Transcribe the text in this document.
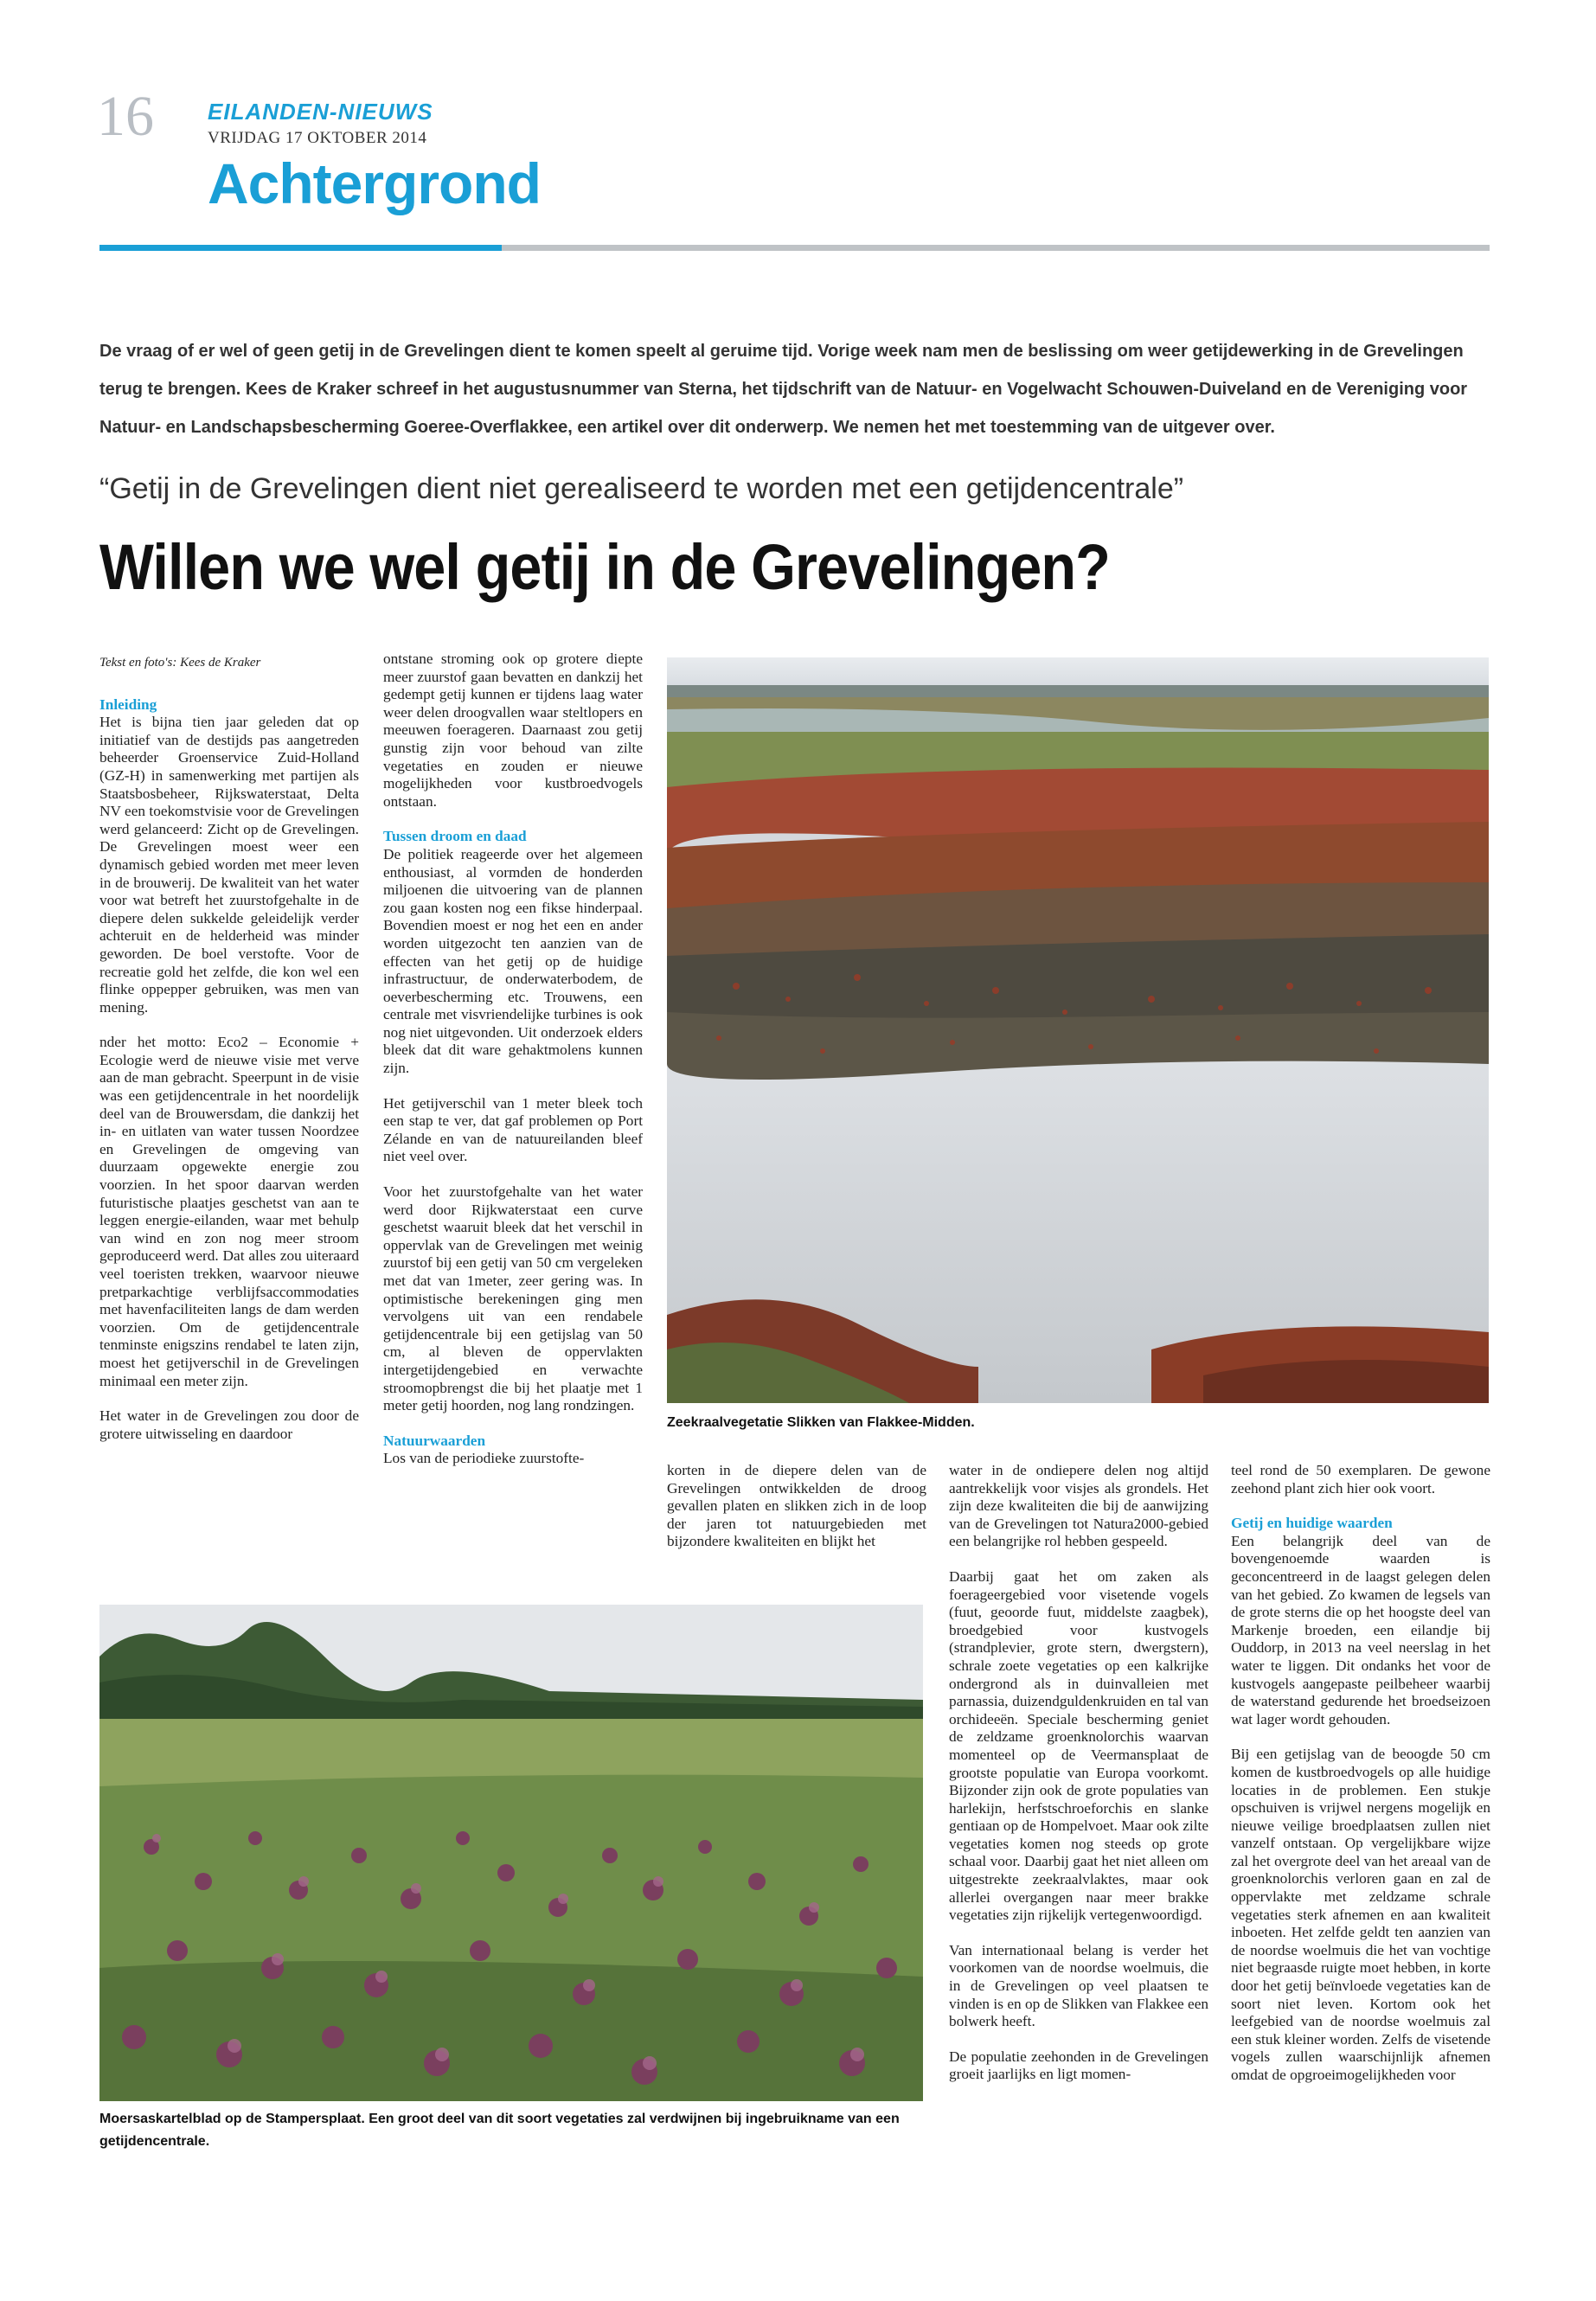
16 EILANDEN-NIEUWS
VRIJDAG 17 OKTOBER 2014
Achtergrond
De vraag of er wel of geen getij in de Grevelingen dient te komen speelt al geruime tijd. Vorige week nam men de beslissing om weer getijdewerking in de Grevelingen terug te brengen. Kees de Kraker schreef in het augustusnummer van Sterna, het tijdschrift van de Natuur- en Vogelwacht Schouwen-Duiveland en de Vereniging voor Natuur- en Landschapsbescherming Goeree-Overflakkee, een artikel over dit onderwerp. We nemen het met toestemming van de uitgever over.
“Getij in de Grevelingen dient niet gerealiseerd te worden met een getijdencentrale”
Willen we wel getij in de Grevelingen?
Tekst en foto's: Kees de Kraker
Inleiding

Het is bijna tien jaar geleden dat op initiatief van de destijds pas aangetreden beheerder Groenservice Zuid-Holland (GZ-H) in samenwerking met partijen als Staatsbosbeheer, Rijkswaterstaat, Delta NV een toekomstvisie voor de Grevelingen werd gelanceerd: Zicht op de Grevelingen. De Grevelingen moest weer een dynamisch gebied worden met meer leven in de brouwerij. De kwaliteit van het water voor wat betreft het zuurstofgehalte in de diepere delen sukkelde geleidelijk verder achteruit en de helderheid was minder geworden. De boel verstofte. Voor de recreatie gold het zelfde, die kon wel een flinke oppepper gebruiken, was men van mening.

nder het motto: Eco2 – Economie + Ecologie werd de nieuwe visie met verve aan de man gebracht. Speerpunt in de visie was een getijdencentrale in het noordelijk deel van de Brouwersdam, die dankzij het in- en uitlaten van water tussen Noordzee en Grevelingen de omgeving van duurzaam opgewekte energie zou voorzien. In het spoor daarvan werden futuristische plaatjes geschetst van aan te leggen energie-eilanden, waar met behulp van wind en zon nog meer stroom geproduceerd werd. Dat alles zou uiteraard veel toeristen trekken, waarvoor nieuwe pretparkachtige verblijfsaccommodaties met havenfaciliteiten langs de dam werden voorzien. Om de getijdencentrale tenminste enigszins rendabel te laten zijn, moest het getijverschil in de Grevelingen minimaal een meter zijn.

Het water in de Grevelingen zou door de grotere uitwisseling en daardoor

ontstane stroming ook op grotere diepte meer zuurstof gaan bevatten en dankzij het gedempt getij kunnen er tijdens laag water weer delen droogvallen waar steltlopers en meeuwen foerageren. Daarnaast zou getij gunstig zijn voor behoud van zilte vegetaties en zouden er nieuwe mogelijkheden voor kustbroedvogels ontstaan.

Tussen droom en daad

De politiek reageerde over het algemeen enthousiast, al vormden de honderden miljoenen die uitvoering van de plannen zou gaan kosten nog een fikse hinderpaal. Bovendien moest er nog het een en ander worden uitgezocht ten aanzien van de effecten van het getij op de huidige infrastructuur, de onderwaterbodem, de oeverbescherming etc. Trouwens, een centrale met visvriendelijke turbines is ook nog niet uitgevonden. Uit onderzoek elders bleek dat dit ware gehaktmolens kunnen zijn.

Het getijverschil van 1 meter bleek toch een stap te ver, dat gaf problemen op Port Zélande en van de natuureilanden bleef niet veel over.

Voor het zuurstofgehalte van het water werd door Rijkwaterstaat een curve geschetst waaruit bleek dat het verschil in oppervlak van de Grevelingen met weinig zuurstof bij een getij van 50 cm vergeleken met dat van 1meter, zeer gering was. In optimistische berekeningen ging men vervolgens uit van een rendabele getijdencentrale bij een getijslag van 50 cm, al bleven de oppervlakten intergetijdengebied en verwachte stroomopbrengst die bij het plaatje met 1 meter getij hoorden, nog lang rondzingen.

Natuurwaarden

Los van de periodieke zuurstofte-

Zeekraalvegetatie Slikken van Flakkee-Midden.

korten in de diepere delen van de Grevelingen ontwikkelden de droog gevallen platen en slikken zich in de loop der jaren tot natuurgebieden met bijzondere kwaliteiten en blijkt het

water in de ondiepere delen nog altijd aantrekkelijk voor visjes als grondels. Het zijn deze kwaliteiten die bij de aanwijzing van de Grevelingen tot Natura2000-gebied een belangrijke rol hebben gespeeld.

Daarbij gaat het om zaken als foerageergebied voor visetende vogels (fuut, geoorde fuut, middelste zaagbek), broedgebied voor kustvogels (strandplevier, grote stern, dwergstern), schrale zoete vegetaties op een kalkrijke ondergrond als in duinvalleien met parnassia, duizendguldenkruiden en tal van orchideeën. Speciale bescherming geniet de zeldzame groenknolorchis waarvan momenteel op de Veermansplaat de grootste populatie van Europa voorkomt. Bijzonder zijn ook de grote populaties van harlekijn, herfstschroeforchis en slanke gentiaan op de Hompelvoet. Maar ook zilte vegetaties komen nog steeds op grote schaal voor. Daarbij gaat het niet alleen om uitgestrekte zeekraalvlaktes, maar ook allerlei overgangen naar meer brakke vegetaties zijn rijkelijk vertegenwoordigd.

Van internationaal belang is verder het voorkomen van de noordse woelmuis, die in de Grevelingen op veel plaatsen te vinden is en op de Slikken van Flakkee een bolwerk heeft.

De populatie zeehonden in de Grevelingen groeit jaarlijks en ligt momen-

teel rond de 50 exemplaren. De gewone zeehond plant zich hier ook voort.

Getij en huidige waarden

Een belangrijk deel van de bovengenoemde waarden is geconcentreerd in de laagst gelegen delen van het gebied. Zo kwamen de legsels van de grote sterns die op het hoogste deel van Markenje broeden, een eilandje bij Ouddorp, in 2013 na veel neerslag in het water te liggen. Dit ondanks het voor de kustvogels aangepaste peilbeheer waarbij de waterstand gedurende het broedseizoen wat lager wordt gehouden.

Bij een getijslag van de beoogde 50 cm komen de kustbroedvogels op alle huidige locaties in de problemen. Een stukje opschuiven is vrijwel nergens mogelijk en nieuwe veilige broedplaatsen zullen niet vanzelf ontstaan. Op vergelijkbare wijze zal het overgrote deel van het areaal van de groenknolorchis verloren gaan en zal de oppervlakte met zeldzame schrale vegetaties sterk afnemen en aan kwaliteit inboeten. Het zelfde geldt ten aanzien van de noordse woelmuis die het van vochtige niet begraasde ruigte moet hebben, in korte door het getij beïnvloede vegetaties kan de soort niet leven. Kortom ook het leefgebied van de noordse woelmuis zal een stuk kleiner worden. Zelfs de visetende vogels zullen waarschijnlijk afnemen omdat de opgroeimogelijkheden voor

Moersaskartelblad op de Stampersplaat. Een groot deel van dit soort vegetaties zal verdwijnen bij ingebruikname van een getijdencentrale.
